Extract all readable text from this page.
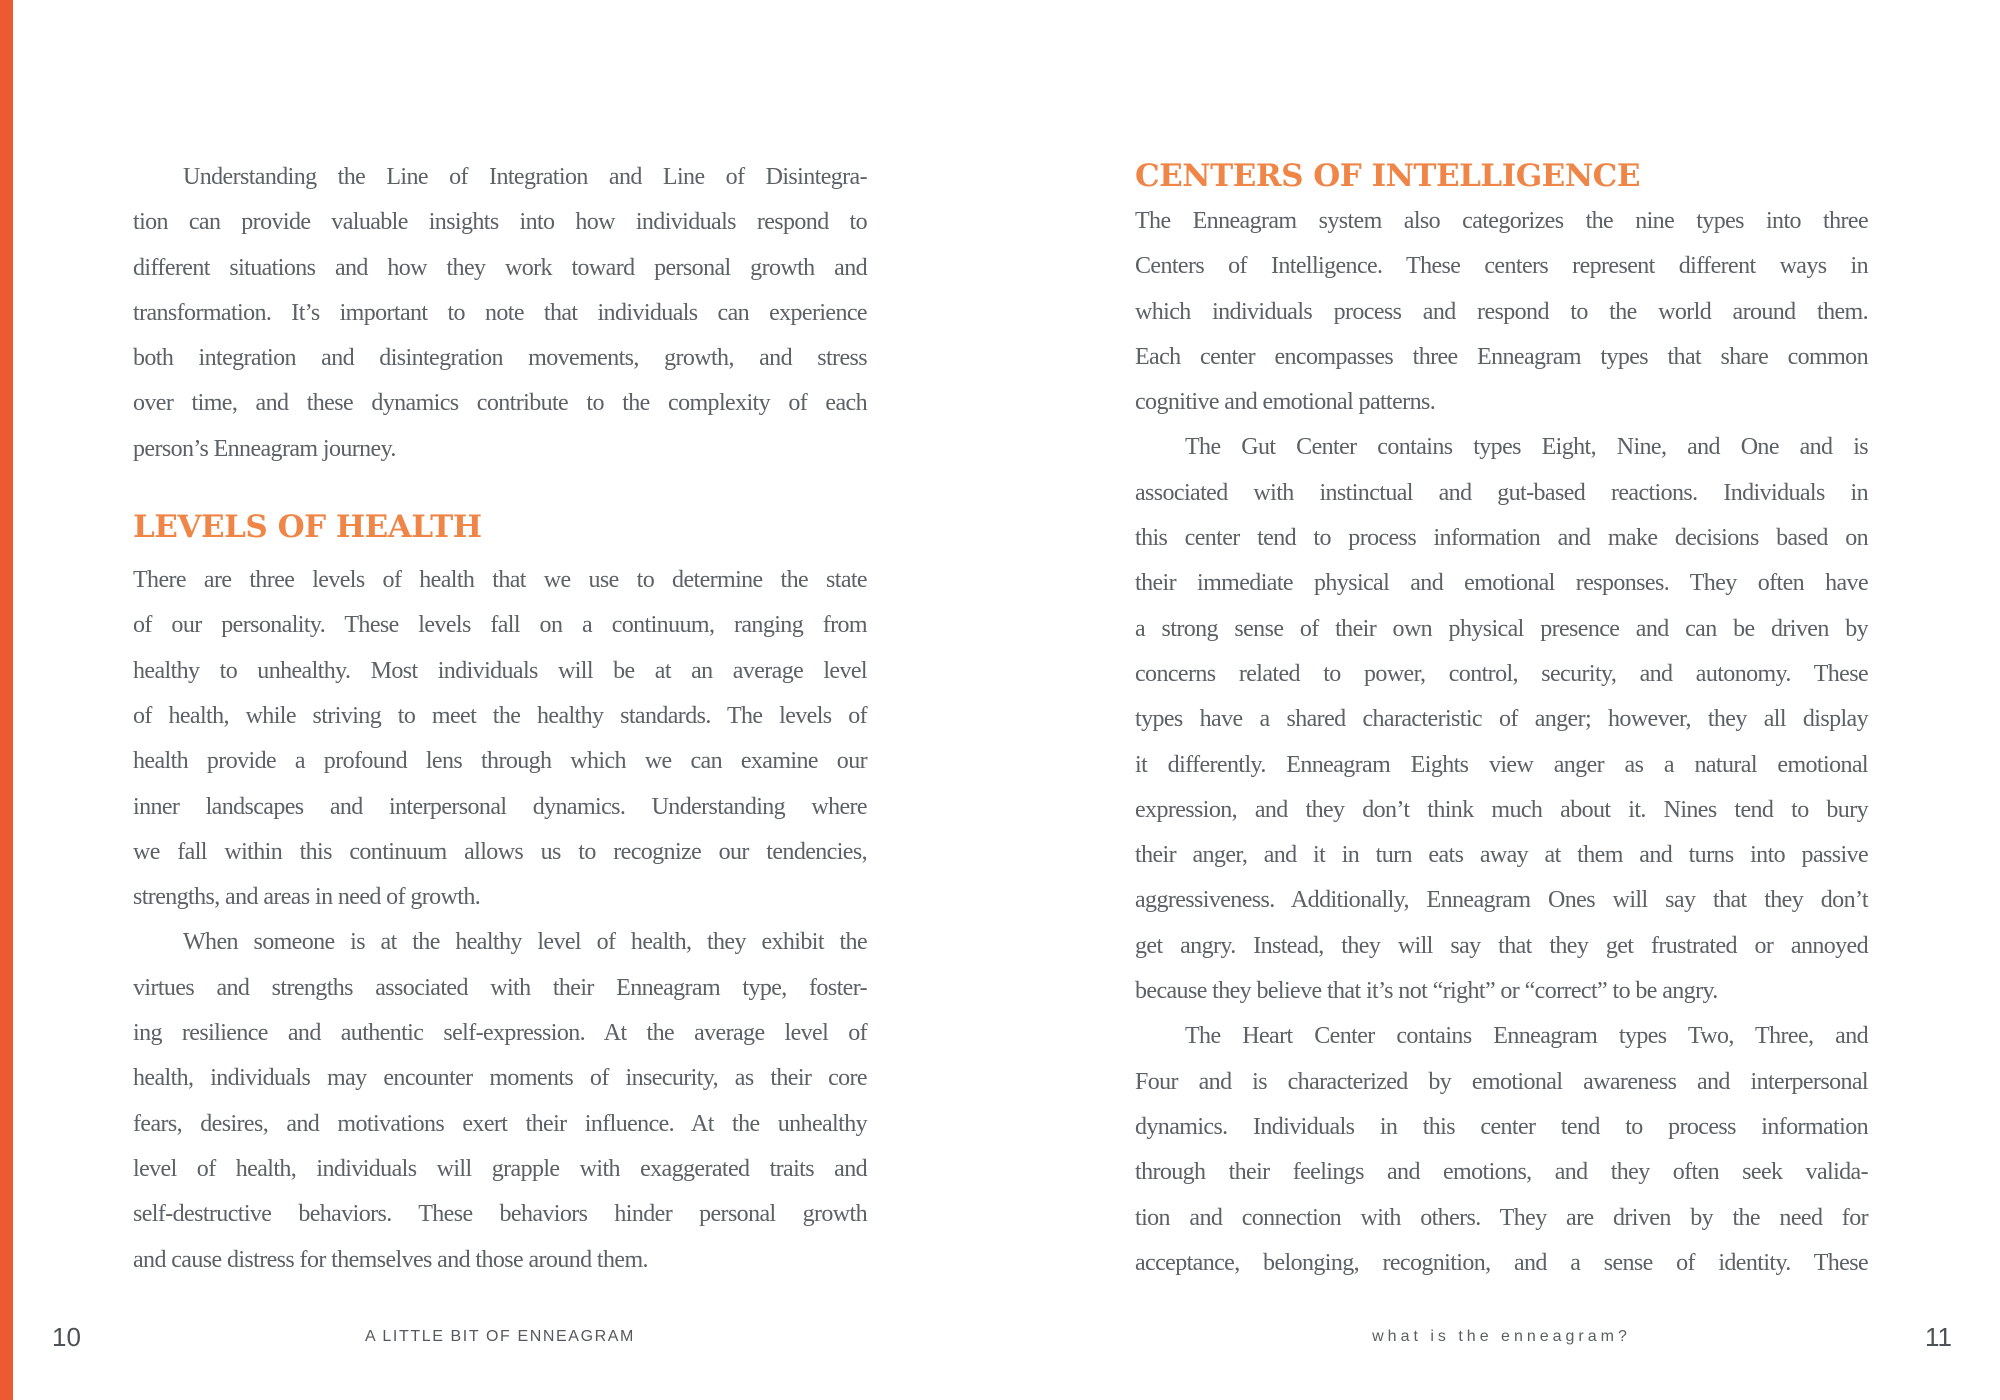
Understanding the Line of Integration and Line of Disintegra-
tion can provide valuable insights into how individuals respond to
different situations and how they work toward personal growth and
transformation. It’s important to note that individuals can experience
both integration and disintegration movements, growth, and stress
over time, and these dynamics contribute to the complexity of each
person’s Enneagram journey.
LEVELS OF HEALTH
There are three levels of health that we use to determine the state
of our personality. These levels fall on a continuum, ranging from
healthy to unhealthy. Most individuals will be at an average level
of health, while striving to meet the healthy standards. The levels of
health provide a profound lens through which we can examine our
inner landscapes and interpersonal dynamics. Understanding where
we fall within this continuum allows us to recognize our tendencies,
strengths, and areas in need of growth.
When someone is at the healthy level of health, they exhibit the
virtues and strengths associated with their Enneagram type, foster-
ing resilience and authentic self-expression. At the average level of
health, individuals may encounter moments of insecurity, as their core
fears, desires, and motivations exert their influence. At the unhealthy
level of health, individuals will grapple with exaggerated traits and
self-destructive behaviors. These behaviors hinder personal growth
and cause distress for themselves and those around them.
CENTERS OF INTELLIGENCE
The Enneagram system also categorizes the nine types into three
Centers of Intelligence. These centers represent different ways in
which individuals process and respond to the world around them.
Each center encompasses three Enneagram types that share common
cognitive and emotional patterns.
The Gut Center contains types Eight, Nine, and One and is
associated with instinctual and gut-based reactions. Individuals in
this center tend to process information and make decisions based on
their immediate physical and emotional responses. They often have
a strong sense of their own physical presence and can be driven by
concerns related to power, control, security, and autonomy. These
types have a shared characteristic of anger; however, they all display
it differently. Enneagram Eights view anger as a natural emotional
expression, and they don’t think much about it. Nines tend to bury
their anger, and it in turn eats away at them and turns into passive
aggressiveness. Additionally, Enneagram Ones will say that they don’t
get angry. Instead, they will say that they get frustrated or annoyed
because they believe that it’s not “right” or “correct” to be angry.
The Heart Center contains Enneagram types Two, Three, and
Four and is characterized by emotional awareness and interpersonal
dynamics. Individuals in this center tend to process information
through their feelings and emotions, and they often seek valida-
tion and connection with others. They are driven by the need for
acceptance, belonging, recognition, and a sense of identity. These
10	A LITTLE BIT OF ENNEAGRAM	what is the enneagram?	11
